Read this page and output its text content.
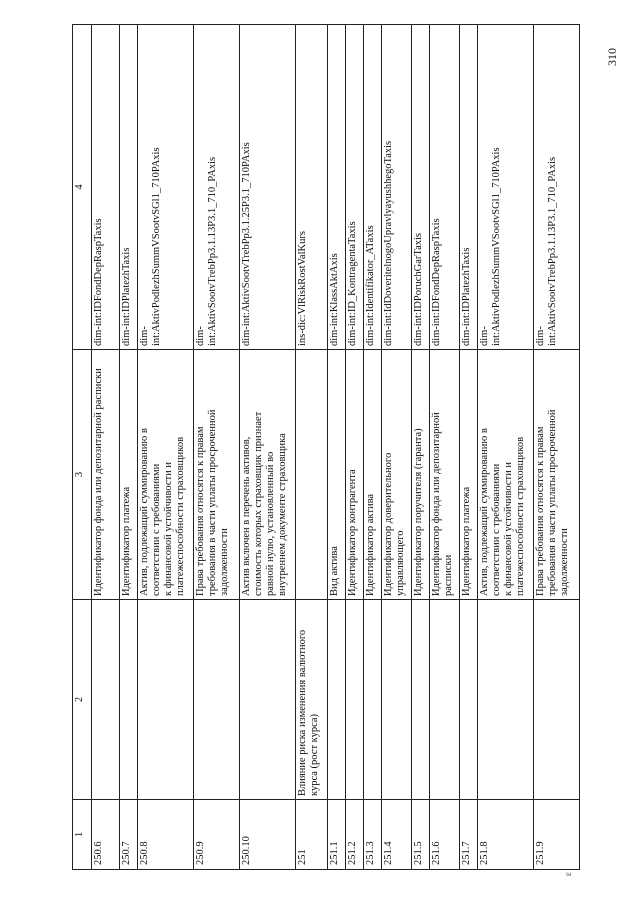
1	2	3	4
250.6		Идентификатор фонда или депозитарной расписки	dim-int:IDFondDepRaspTaxis
250.7		Идентификатор платежа	dim-int:IDPlatezhTaxis
250.8		Актив, подлежащий суммированию в
соответствии с требованиями
к финансовой устойчивости и
платежеспособности страховщиков	dim-
int:AktivPodlezhSummVSootvSGl1_710PAxis
250.9		Права требования относятся к правам
требования в части уплаты просроченной
задолженности	dim-
int:AktivSootvTrebPp3.1.13P3.1_710_PAxis
250.10		Актив включен в перечень активов,
стоимость которых страховщик признает
равной нулю, установленный во
внутреннем документе страховщика	dim-int:AktivSootvTrebPp3.1.25P3.1_710PAxis
251	Влияние риска изменения валютного
курса (рост курса)		ins-dic:VlRiskRostValKurs
251.1		Вид актива	dim-int:KlassAktAxis
251.2		Идентификатор контрагента	dim-int:ID_KontragentaTaxis
251.3		Идентификатор актива	dim-int:Identifikator_ATaxis
251.4		Идентификатор доверительного
управляющего	dim-int:IdDoveritelnogoUpravlyayushhegoTaxis
251.5		Идентификатор поручителя (гаранта)	dim-int:IDPoruchGarTaxis
251.6		Идентификатор фонда или депозитарной
расписки	dim-int:IDFondDepRaspTaxis
251.7		Идентификатор платежа	dim-int:IDPlatezhTaxis
251.8		Актив, подлежащий суммированию в
соответствии с требованиями
к финансовой устойчивости и
платежеспособности страховщиков	dim-
int:AktivPodlezhSummVSootvSGl1_710PAxis
251.9		Права требования относятся к правам
требования в части уплаты просроченной
задолженности	dim-
int:AktivSootvTrebPp3.1.13P3.1_710_PAxis
310
ε
